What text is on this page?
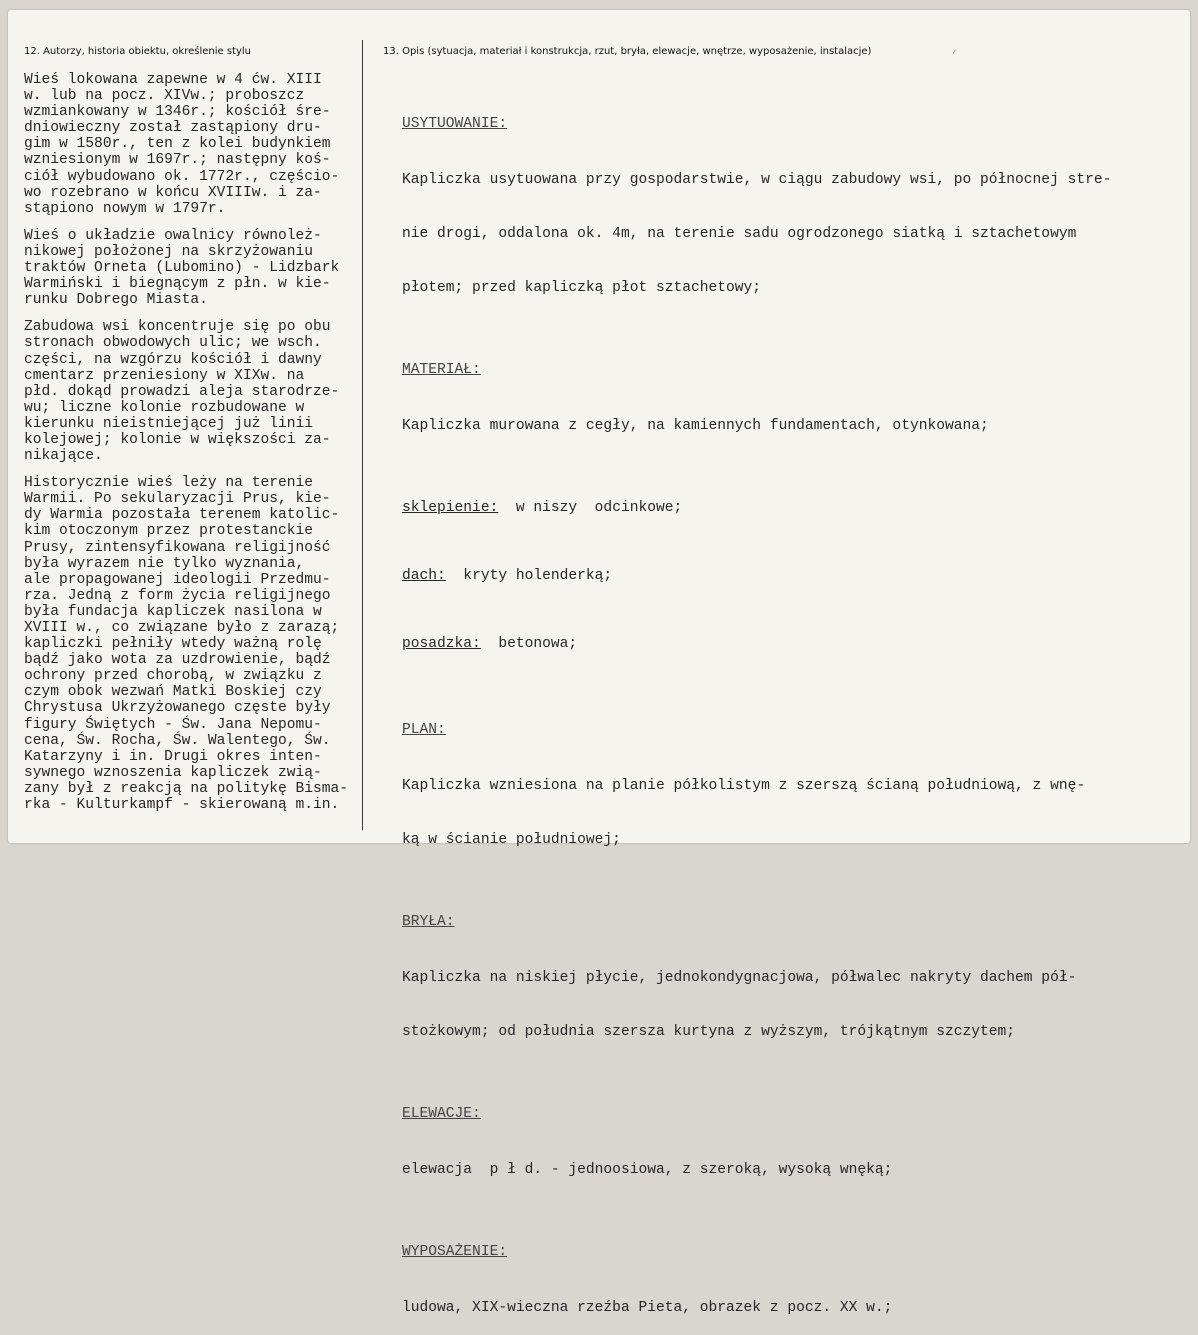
⸝
12. Autorzy, historia obiektu, określenie stylu	13. Opis (sytuacja, materiał i konstrukcja, rzut, bryła, elewacje, wnętrze, wyposażenie, instalacje)
Wieś lokowana zapewne w 4 ćw. XIII
w. lub na pocz. XIVw.; proboszcz
wzmiankowany w 1346r.; kościół śre-
dniowieczny został zastąpiony dru-
gim w 1580r., ten z kolei budynkiem
wzniesionym w 1697r.; następny koś-
ciół wybudowano ok. 1772r., częścio-
wo rozebrano w końcu XVIIIw. i za-
stąpiono nowym w 1797r.
Wieś o układzie owalnicy równoleż-
nikowej położonej na skrzyżowaniu
traktów Orneta (Lubomino) - Lidzbark
Warmiński i biegnącym z płn. w kie-
runku Dobrego Miasta.
Zabudowa wsi koncentruje się po obu
stronach obwodowych ulic; we wsch.
części, na wzgórzu kościół i dawny
cmentarz przeniesiony w XIXw. na
płd. dokąd prowadzi aleja starodrze-
wu; liczne kolonie rozbudowane w
kierunku nieistniejącej już linii
kolejowej; kolonie w większości za-
nikające.
Historycznie wieś leży na terenie
Warmii. Po sekularyzacji Prus, kie-
dy Warmia pozostała terenem katolic-
kim otoczonym przez protestanckie
Prusy, zintensyfikowana religijność
była wyrazem nie tylko wyznania,
ale propagowanej ideologii Przedmu-
rza. Jedną z form życia religijnego
była fundacja kapliczek nasilona w
XVIII w., co związane było z zarazą;
kapliczki pełniły wtedy ważną rolę
bądź jako wota za uzdrowienie, bądź
ochrony przed chorobą, w związku z
czym obok wezwań Matki Boskiej czy
Chrystusa Ukrzyżowanego częste były
figury Świętych - Św. Jana Nepomu-
cena, Św. Rocha, Św. Walentego, Św.
Katarzyny i in. Drugi okres inten-
sywnego wznoszenia kapliczek zwią-
zany był z reakcją na politykę Bisma-
rka - Kulturkampf - skierowaną m.in.

USYTUOWANIE:

Kapliczka usytuowana przy gospodarstwie, w ciągu zabudowy wsi, po północnej stre-

nie drogi, oddalona ok. 4m, na terenie sadu ogrodzonego siatką i sztachetowym

płotem; przed kapliczką płot sztachetowy;

MATERIAŁ:

Kapliczka murowana z cegły, na kamiennych fundamentach, otynkowana;

sklepienie:  w niszy  odcinkowe;

dach:  kryty holenderką;

posadzka:  betonowa;

PLAN:

Kapliczka wzniesiona na planie półkolistym z szerszą ścianą południową, z wnę-

ką w ścianie południowej;

BRYŁA:

Kapliczka na niskiej płycie, jednokondygnacjowa, półwalec nakryty dachem pół-

stożkowym; od południa szersza kurtyna z wyższym, trójkątnym szczytem;

ELEWACJE:

elewacja  p ł d. - jednoosiowa, z szeroką, wysoką wnęką;

WYPOSAŻENIE:

ludowa, XIX-wieczna rzeźba Pieta, obrazek z pocz. XX w.;
